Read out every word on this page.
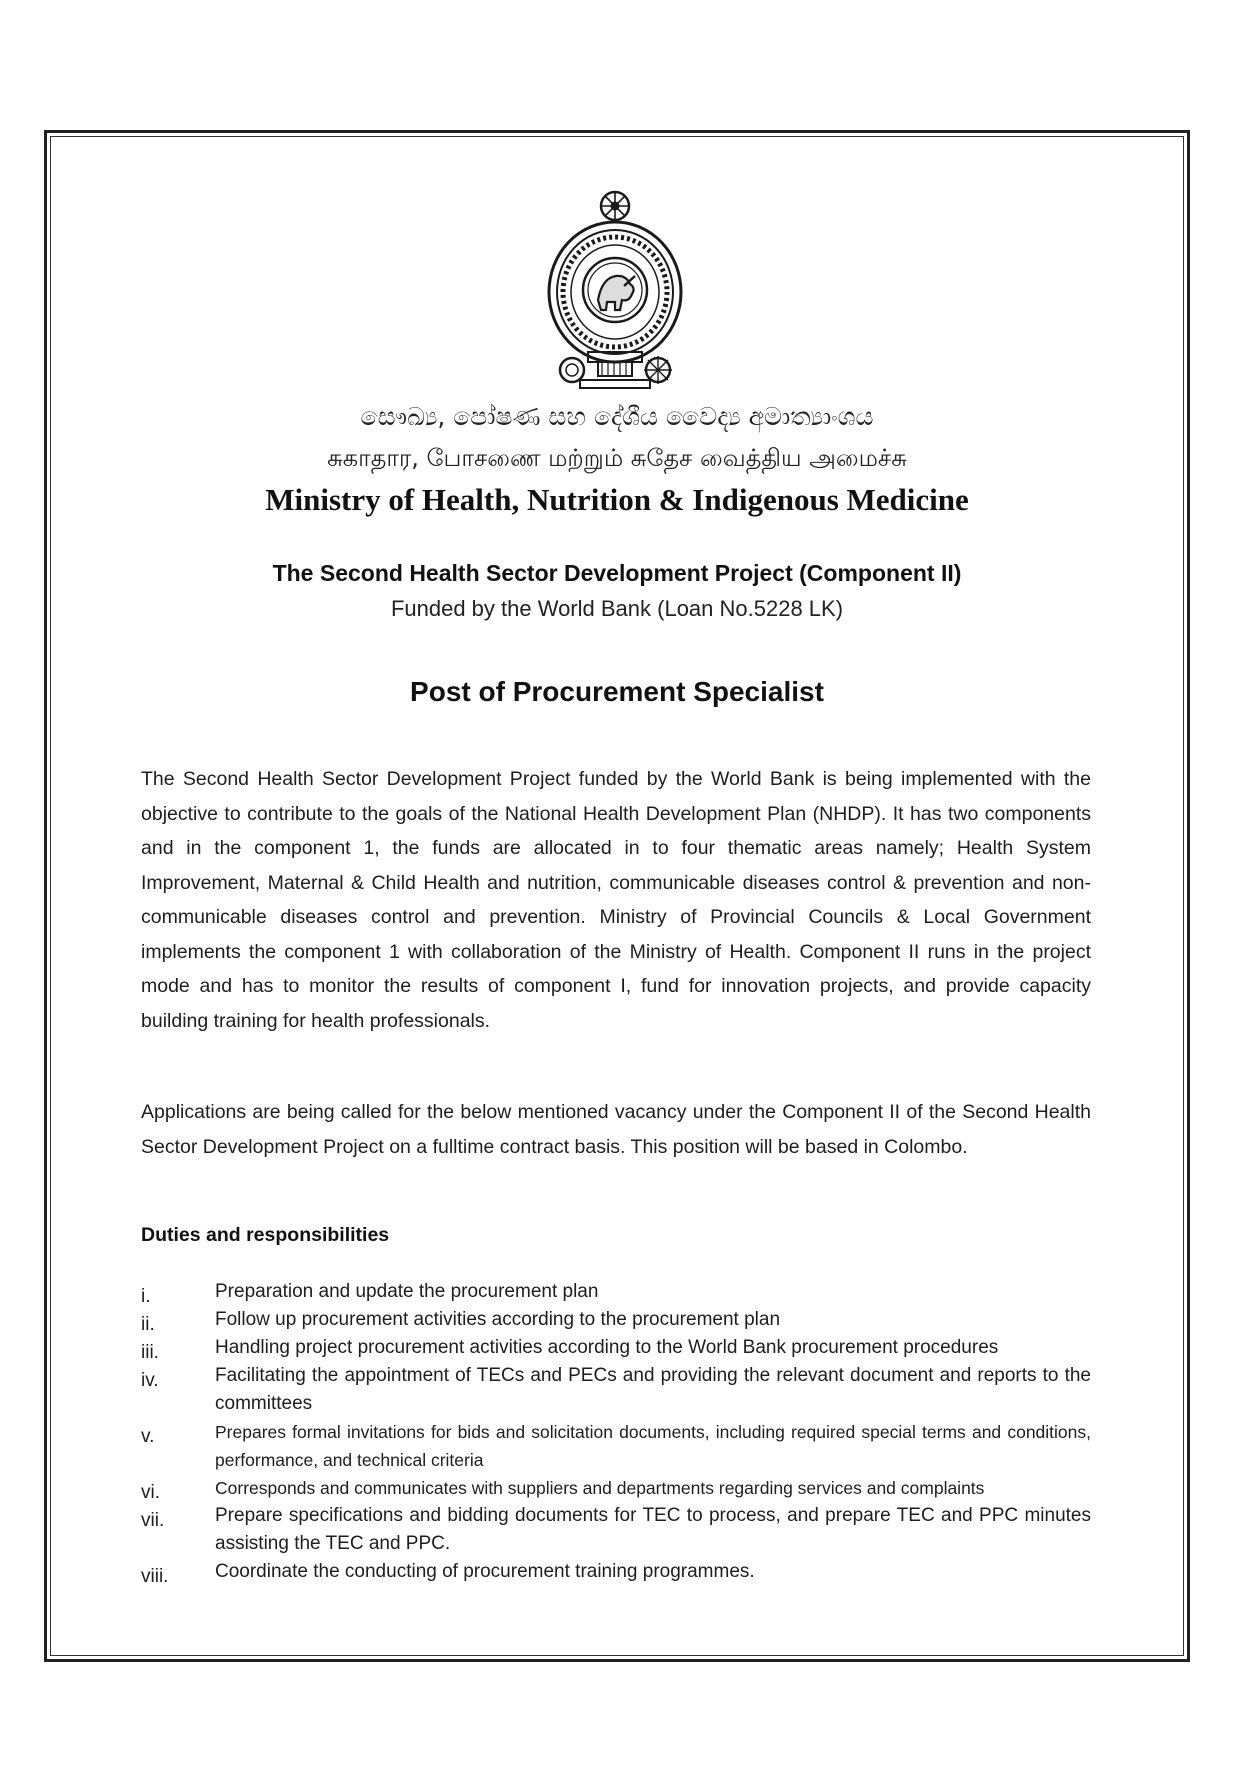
සෞඛ්‍ය, පෝෂණ සහ දේශීය වෛද්‍ය අමාත්‍යාංශය
சுகாதார, போசணை மற்றும் சுதேச வைத்திய அமைச்சு
Ministry of Health, Nutrition & Indigenous Medicine
The Second Health Sector Development Project (Component II)
Funded by the World Bank (Loan No.5228 LK)
Post of Procurement Specialist

The Second Health Sector Development Project funded by the World Bank is being implemented with the objective to contribute to the goals of the National Health Development Plan (NHDP). It has two components and in the component 1, the funds are allocated in to four thematic areas namely; Health System Improvement, Maternal & Child Health and nutrition, communicable diseases control & prevention and non-communicable diseases control and prevention. Ministry of Provincial Councils & Local Government implements the component 1 with collaboration of the Ministry of Health. Component II runs in the project mode and has to monitor the results of component I, fund for innovation projects, and provide capacity building training for health professionals.

Applications are being called for the below mentioned vacancy under the Component II of the Second Health Sector Development Project on a fulltime contract basis. This position will be based in Colombo.

Duties and responsibilities
i.	Preparation and update the procurement plan
ii.	Follow up procurement activities according to the procurement plan
iii.	Handling project procurement activities according to the World Bank procurement procedures
iv.	Facilitating the appointment of TECs and PECs and providing the relevant document and reports to the committees
v.	Prepares formal invitations for bids and solicitation documents, including required special terms and conditions, performance, and technical criteria
vi.	Corresponds and communicates with suppliers and departments regarding services and complaints
vii.	Prepare specifications and bidding documents for TEC to process, and prepare TEC and PPC minutes assisting the TEC and PPC.
viii.	Coordinate the conducting of procurement training programmes.
